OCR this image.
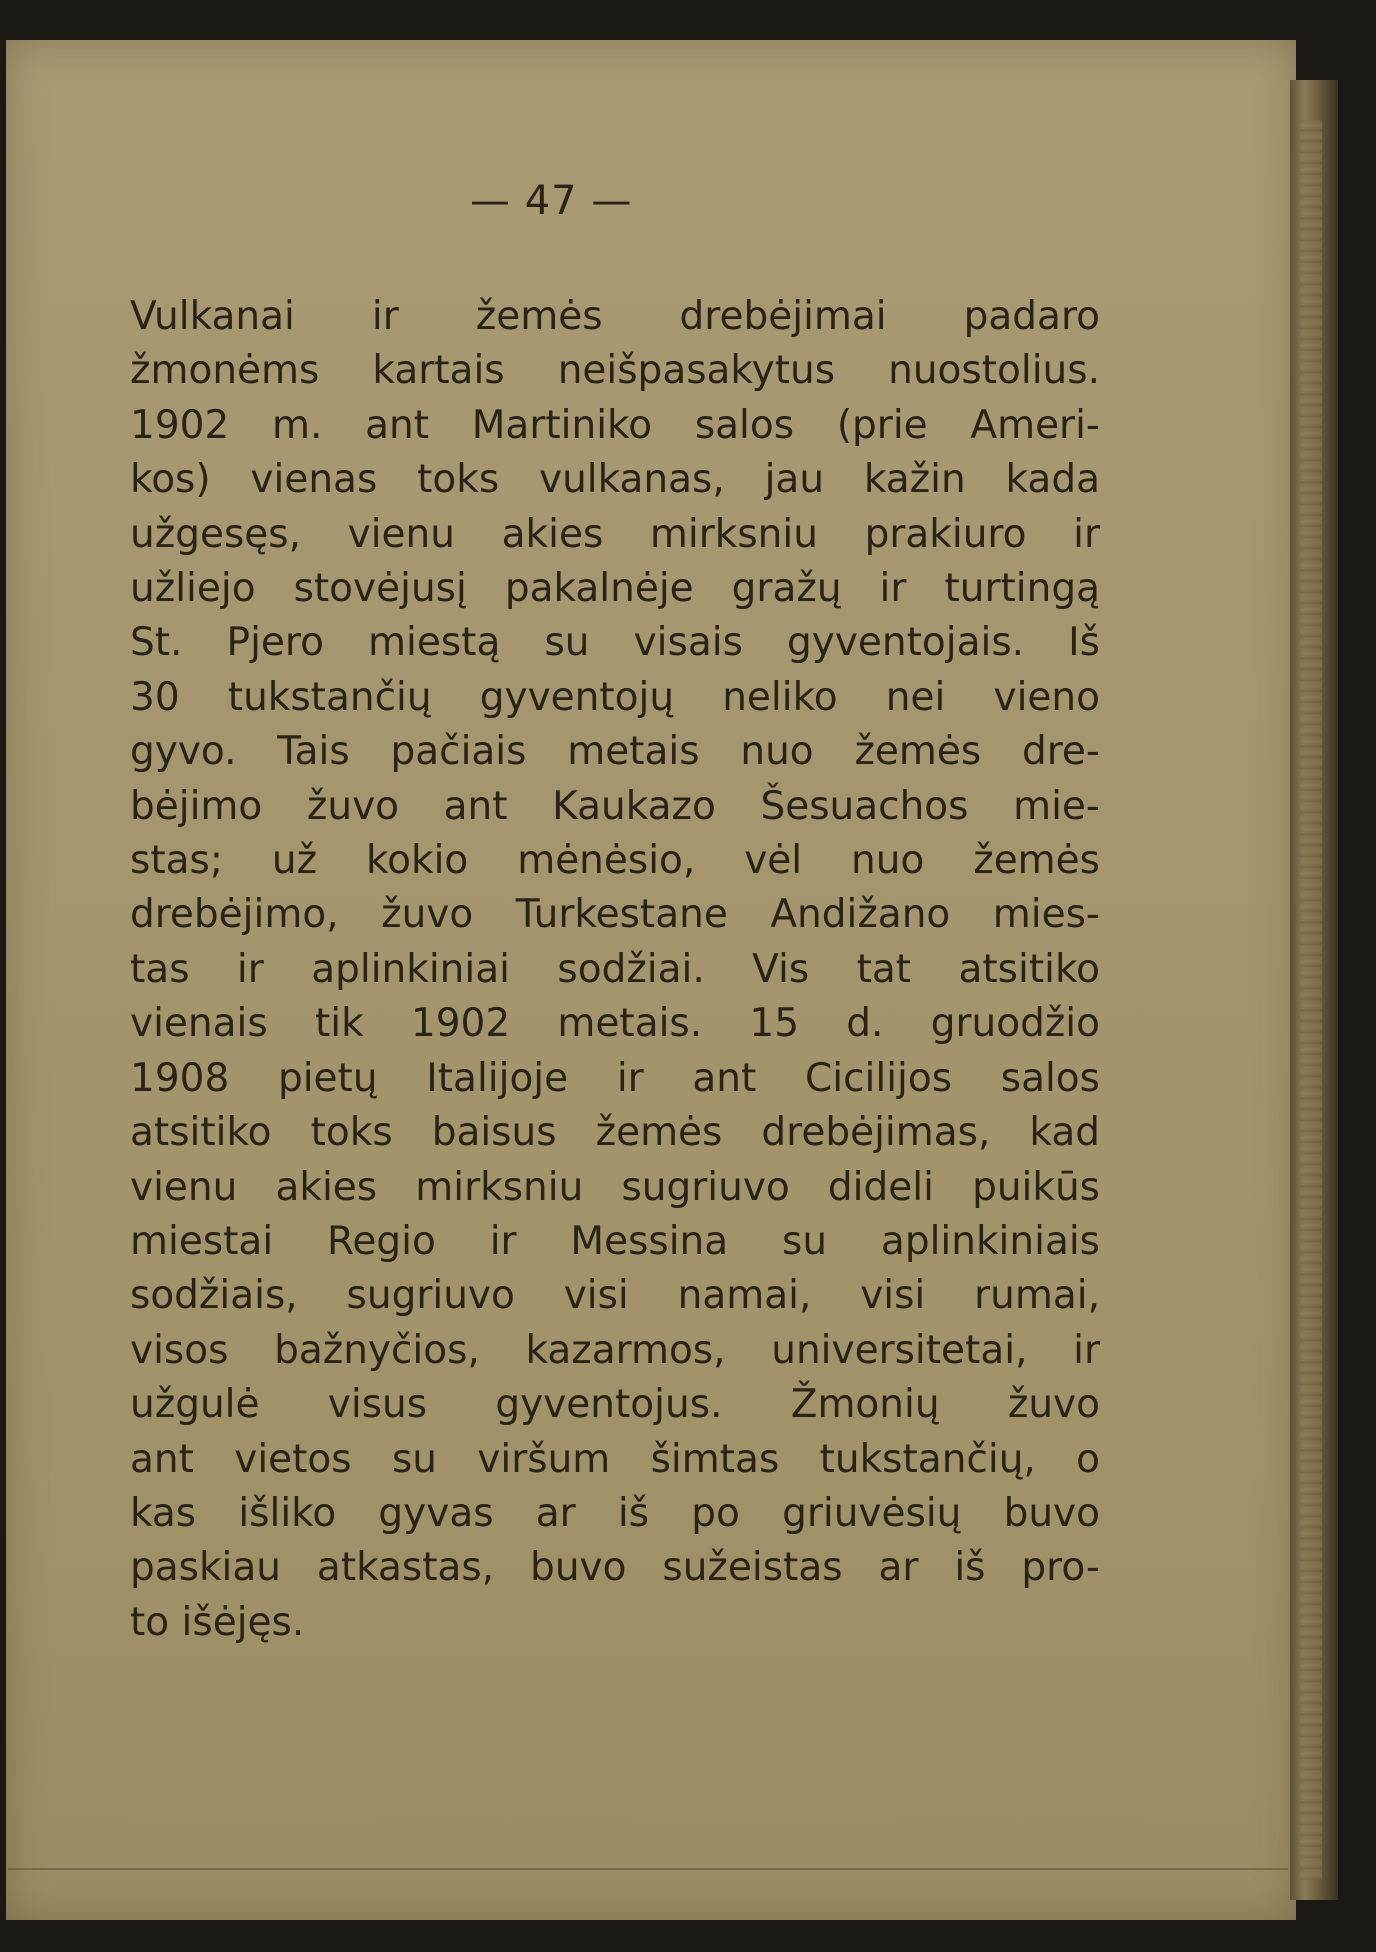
— 47 —
Vulkanai ir žemės drebėjimai padaro
žmonėms kartais neišpasakytus nuostolius.
1902 m. ant Martiniko salos (prie Ameri-
kos) vienas toks vulkanas, jau kažin kada
užgesęs, vienu akies mirksniu prakiuro ir
užliejo stovėjusį pakalnėje gražų ir turtingą
St. Pjero miestą su visais gyventojais. Iš
30 tukstančių gyventojų neliko nei vieno
gyvo. Tais pačiais metais nuo žemės dre-
bėjimo žuvo ant Kaukazo Šesuachos mie-
stas; už kokio mėnėsio, vėl nuo žemės
drebėjimo, žuvo Turkestane Andižano mies-
tas ir aplinkiniai sodžiai. Vis tat atsitiko
vienais tik 1902 metais. 15 d. gruodžio
1908 pietų Italijoje ir ant Cicilijos salos
atsitiko toks baisus žemės drebėjimas, kad
vienu akies mirksniu sugriuvo dideli puikūs
miestai Regio ir Messina su aplinkiniais
sodžiais, sugriuvo visi namai, visi rumai,
visos bažnyčios, kazarmos, universitetai, ir
užgulė visus gyventojus. Žmonių žuvo
ant vietos su viršum šimtas tukstančių, o
kas išliko gyvas ar iš po griuvėsių buvo
paskiau atkastas, buvo sužeistas ar iš pro-
to išėjęs.
